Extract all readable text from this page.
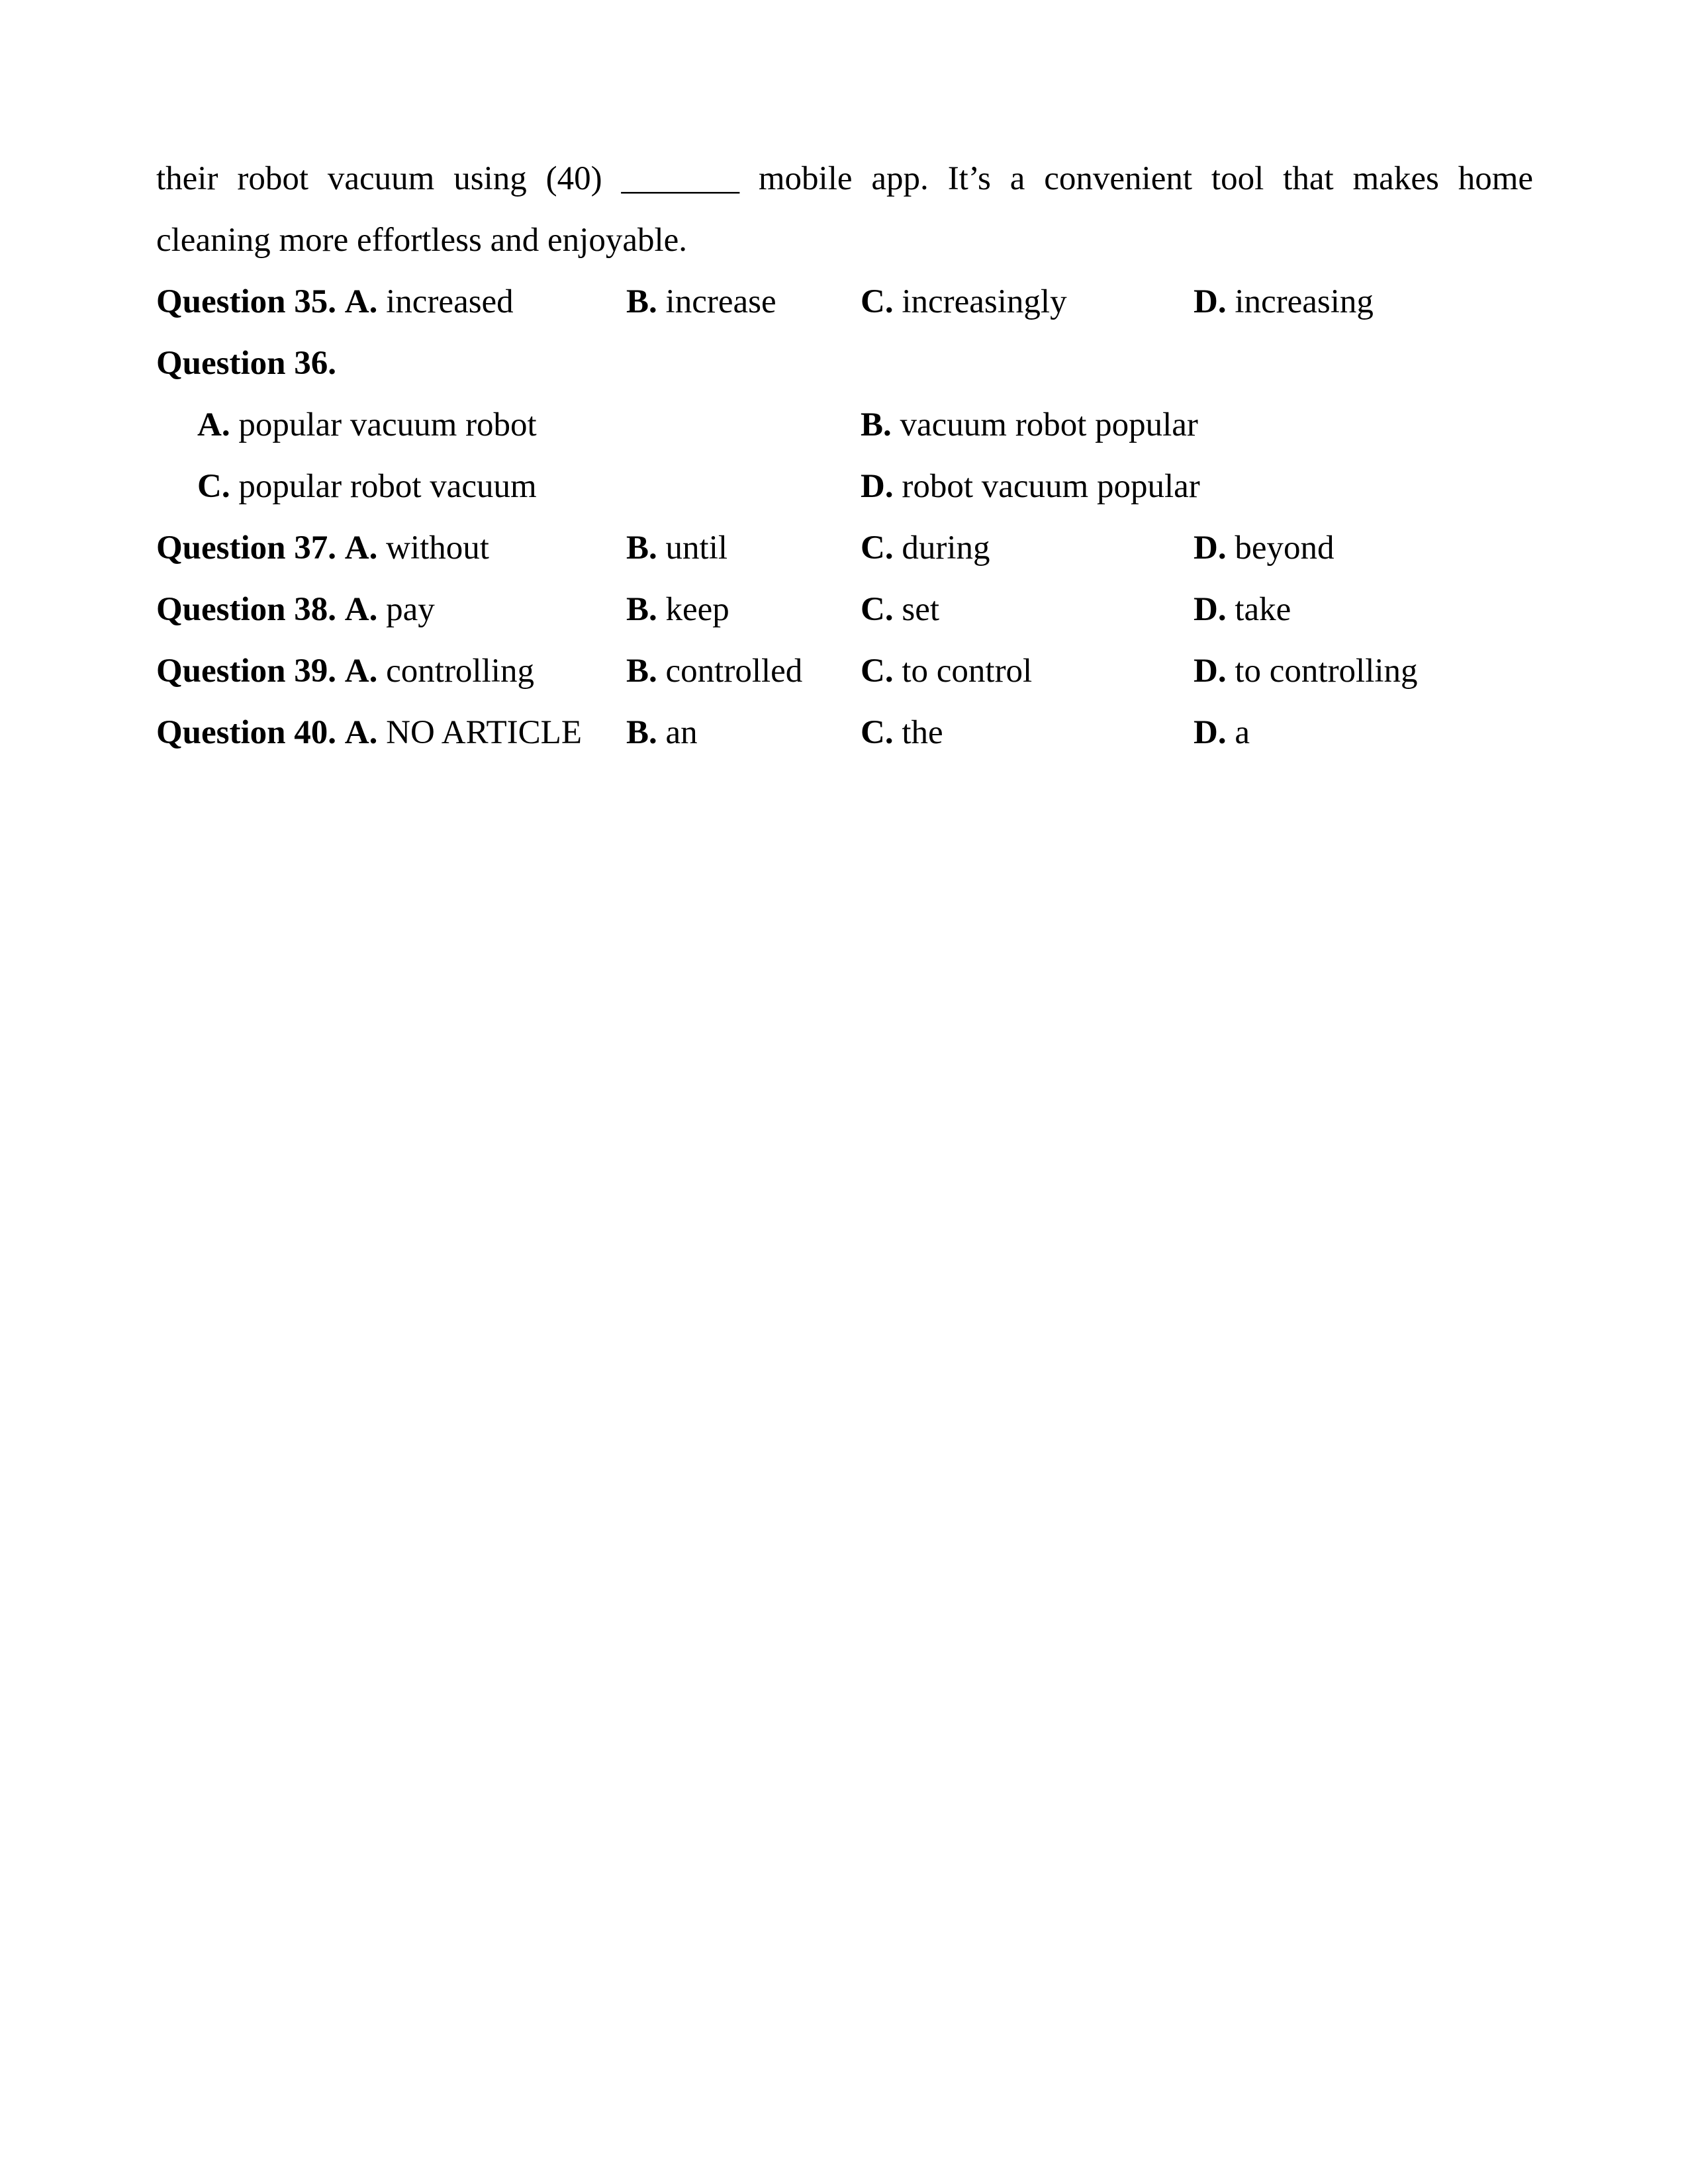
their robot vacuum using (40) _______ mobile app. It’s a convenient tool that makes home
cleaning more effortless and enjoyable.
Question 35. A. increased	B. increase C. increasingly	D. increasing
Question 36.
A. popular vacuum robot	B. vacuum robot popular
C. popular robot vacuum	D. robot vacuum popular
Question 37. A. without	B. until	C. during	D. beyond
Question 38. A. pay	B. keep	C. set	D. take
Question 39. A. controlling	B. controlled C. to control	D. to controlling
Question 40. A. NO ARTICLE B. an	C. the	D. a
